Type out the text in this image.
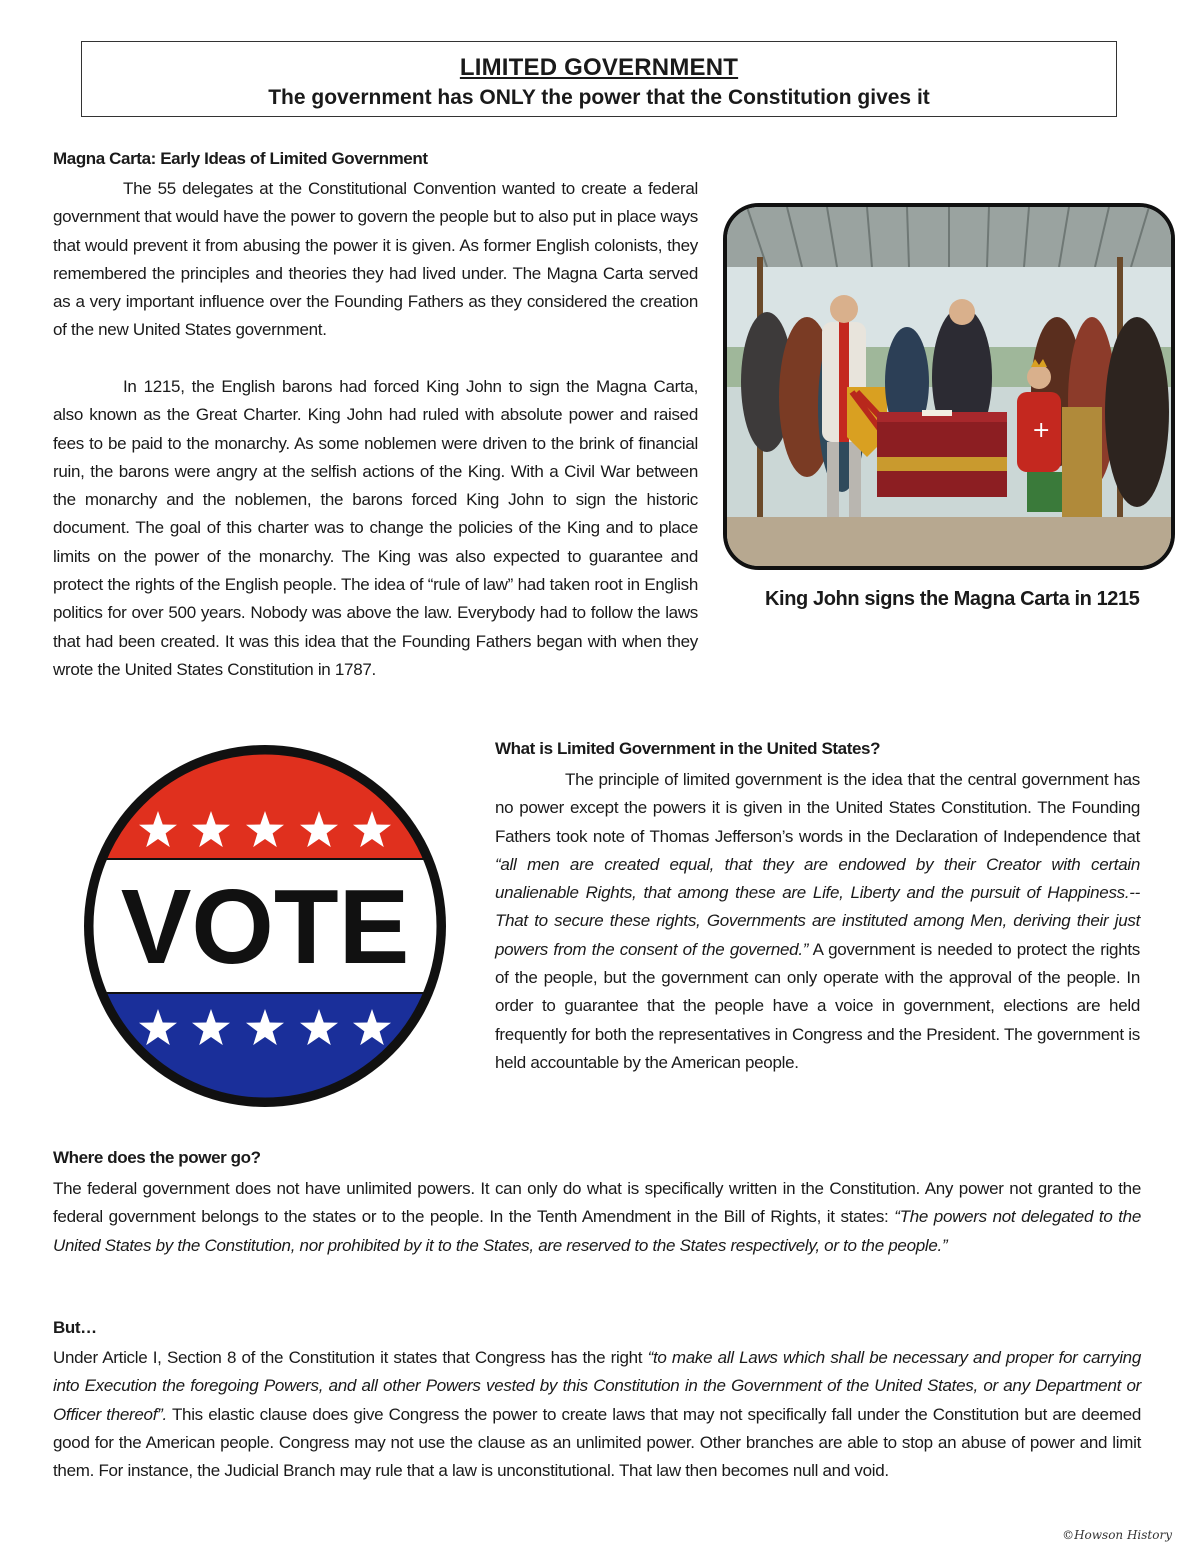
LIMITED GOVERNMENT
The government has ONLY the power that the Constitution gives it
Magna Carta: Early Ideas of Limited Government

The 55 delegates at the Constitutional Convention wanted to create a federal government that would have the power to govern the people but to also put in place ways that would prevent it from abusing the power it is given. As former English colonists, they remembered the principles and theories they had lived under. The Magna Carta served as a very important influence over the Founding Fathers as they considered the creation of the new United States government.

In 1215, the English barons had forced King John to sign the Magna Carta, also known as the Great Charter. King John had ruled with absolute power and raised fees to be paid to the monarchy. As some noblemen were driven to the brink of financial ruin, the barons were angry at the selfish actions of the King. With a Civil War between the monarchy and the noblemen, the barons forced King John to sign the historic document. The goal of this charter was to change the policies of the King and to place limits on the power of the monarchy. The King was also expected to guarantee and protect the rights of the English people. The idea of “rule of law” had taken root in English politics for over 500 years. Nobody was above the law. Everybody had to follow the laws that had been created. It was this idea that the Founding Fathers began with when they wrote the United States Constitution in 1787.

+
King John signs the Magna Carta in 1215
VOTE
What is Limited Government in the United States?

The principle of limited government is the idea that the central government has no power except the powers it is given in the United States Constitution. The Founding Fathers took note of Thomas Jefferson’s words in the Declaration of Independence that “all men are created equal, that they are endowed by their Creator with certain unalienable Rights, that among these are Life, Liberty and the pursuit of Happiness.--That to secure these rights, Governments are instituted among Men, deriving their just powers from the consent of the governed.” A government is needed to protect the rights of the people, but the government can only operate with the approval of the people. In order to guarantee that the people have a voice in government, elections are held frequently for both the representatives in Congress and the President. The government is held accountable by the American people.

Where does the power go?

The federal government does not have unlimited powers. It can only do what is specifically written in the Constitution. Any power not granted to the federal government belongs to the states or to the people. In the Tenth Amendment in the Bill of Rights, it states: “The powers not delegated to the United States by the Constitution, nor prohibited by it to the States, are reserved to the States respectively, or to the people.”

But…

Under Article I, Section 8 of the Constitution it states that Congress has the right “to make all Laws which shall be necessary and proper for carrying into Execution the foregoing Powers, and all other Powers vested by this Constitution in the Government of the United States, or any Department or Officer thereof”. This elastic clause does give Congress the power to create laws that may not specifically fall under the Constitution but are deemed good for the American people. Congress may not use the clause as an unlimited power. Other branches are able to stop an abuse of power and limit them. For instance, the Judicial Branch may rule that a law is unconstitutional. That law then becomes null and void.

©Howson History
